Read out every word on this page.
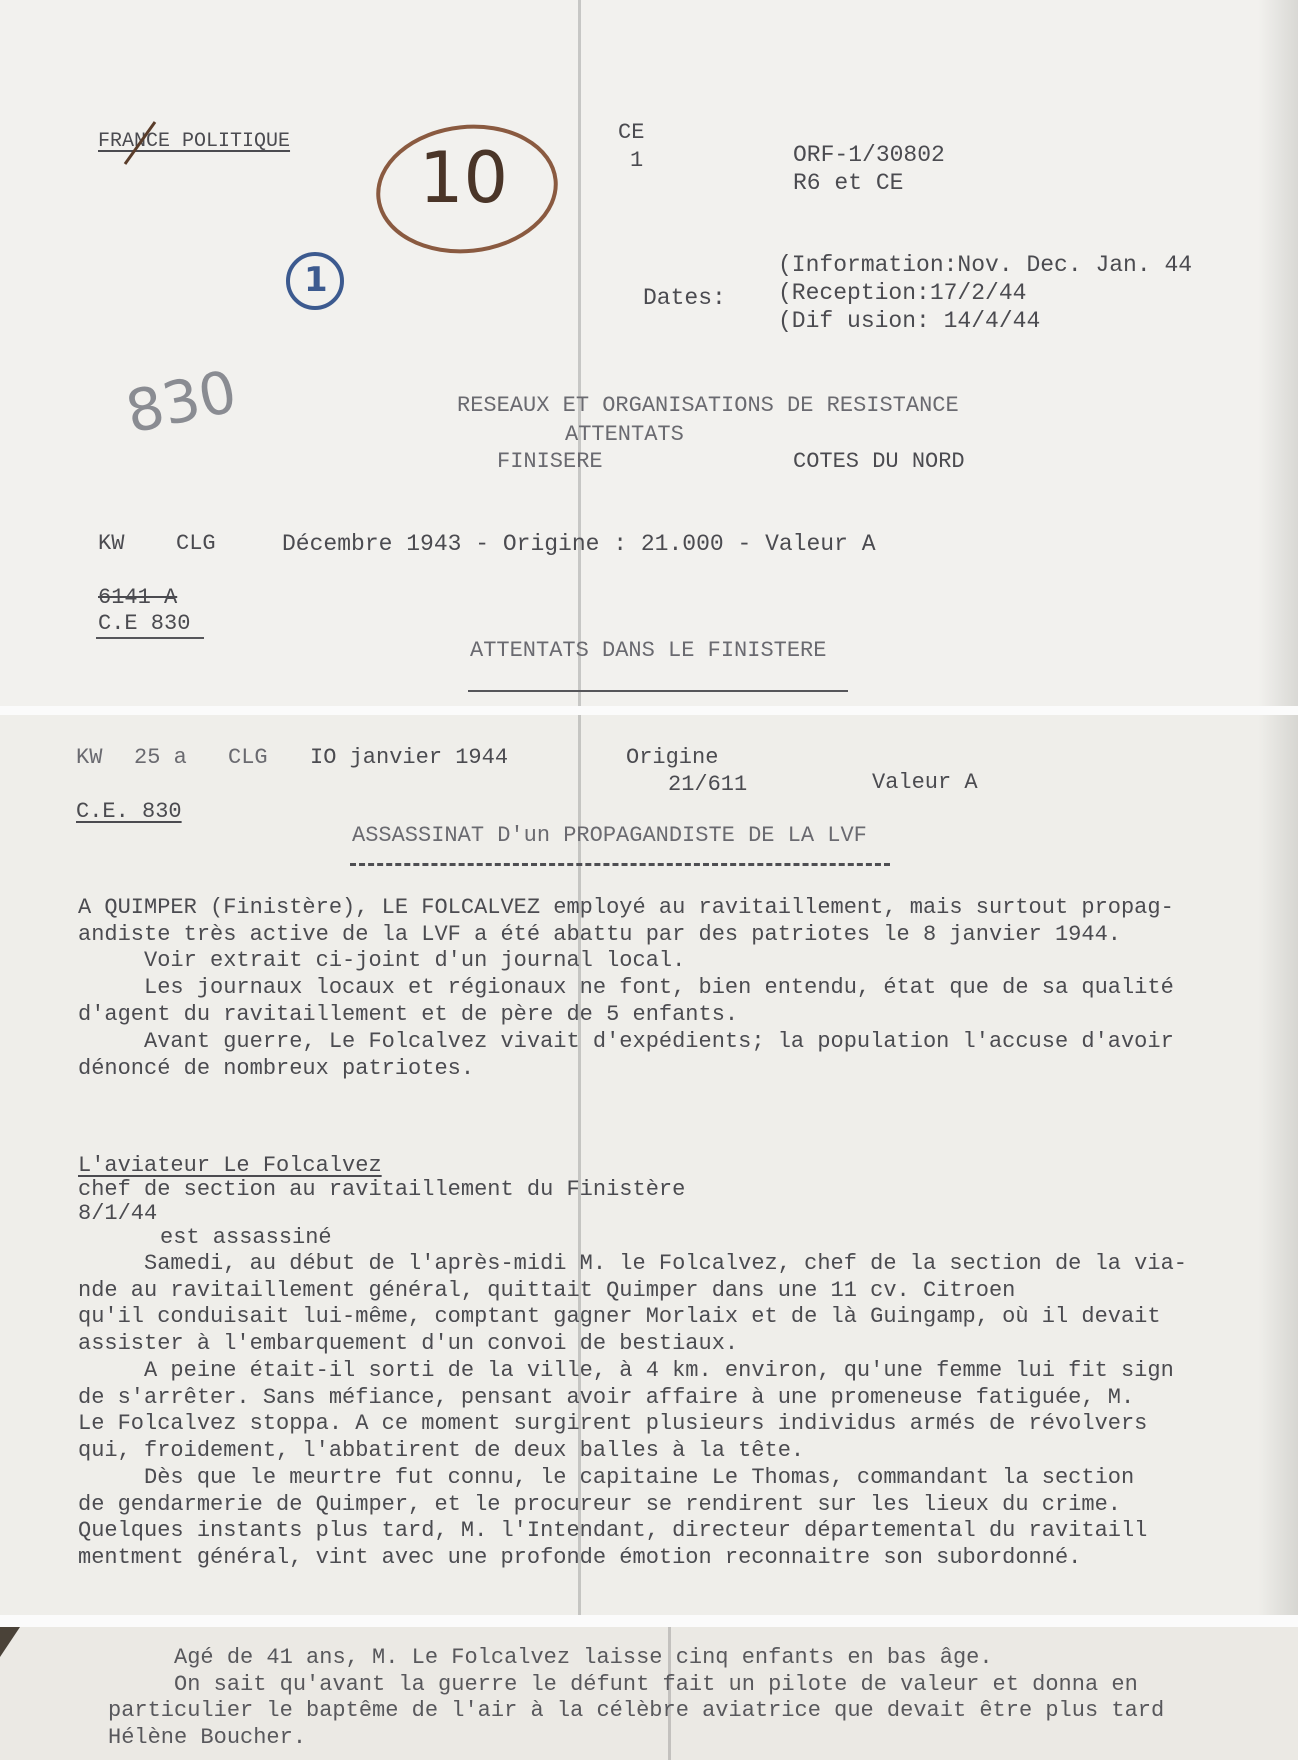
FRANCE POLITIQUE 10
1
830
CE
1	ORF-1/30802
R6 et CE
Dates:
(Information:Nov. Dec. Jan. 44
(Reception:17/2/44
(Dif usion: 14/4/44
RESEAUX ET ORGANISATIONS DE RESISTANCE
ATTENTATS
FINISERE	COTES DU NORD
KW CLG	Décembre 1943 - Origine : 21.000 - Valeur A
6141 A
C.E 830
ATTENTATS DANS LE FINISTERE
KW 25 a CLG IO janvier 1944	Origine
21/611	Valeur A
C.E. 830
ASSASSINAT D'un PROPAGANDISTE DE LA LVF
A QUIMPER (Finistère), LE FOLCALVEZ employé au ravitaillement, mais surtout propag-
andiste très active de la LVF a été abattu par des patriotes le 8 janvier 1944.
Voir extrait ci-joint d'un journal local.
Les journaux locaux et régionaux ne font, bien entendu, état que de sa qualité
d'agent du ravitaillement et de père de 5 enfants.
Avant guerre, Le Folcalvez vivait d'expédients; la population l'accuse d'avoir
dénoncé de nombreux patriotes.
L'aviateur Le Folcalvez
chef de section au ravitaillement du Finistère
8/1/44
est assassiné
Samedi, au début de l'après-midi M. le Folcalvez, chef de la section de la via-
nde au ravitaillement général, quittait Quimper dans une 11 cv. Citroen
qu'il conduisait lui-même, comptant gagner Morlaix et de là Guingamp, où il devait
assister à l'embarquement d'un convoi de bestiaux.
A peine était-il sorti de la ville, à 4 km. environ, qu'une femme lui fit sign
de s'arrêter. Sans méfiance, pensant avoir affaire à une promeneuse fatiguée, M.
Le Folcalvez stoppa. A ce moment surgirent plusieurs individus armés de révolvers
qui, froidement, l'abbatirent de deux balles à la tête.
Dès que le meurtre fut connu, le capitaine Le Thomas, commandant la section
de gendarmerie de Quimper, et le procureur se rendirent sur les lieux du crime.
Quelques instants plus tard, M. l'Intendant, directeur départemental du ravitaill
mentment général, vint avec une profonde émotion reconnaitre son subordonné.
Agé de 41 ans, M. Le Folcalvez laisse cinq enfants en bas âge.
On sait qu'avant la guerre le défunt fait un pilote de valeur et donna en
particulier le baptême de l'air à la célèbre aviatrice que devait être plus tard
Hélène Boucher.
